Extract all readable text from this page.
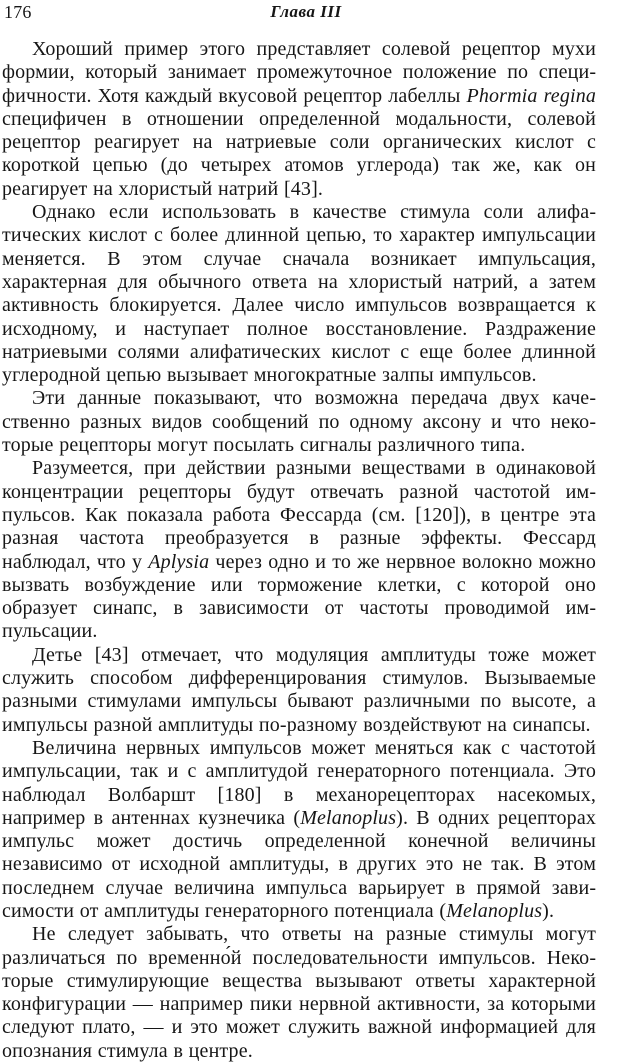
176	Глава III

Хороший пример этого представляет солевой рецептор мухи формии, который занимает промежуточное положение по специфичности. Хотя каждый вкусовой рецептор лабеллы Phormia regina специфичен в отношении определенной модальности, солевой рецептор реагирует на натриевые соли органических кислот с короткой цепью (до четырех атомов углерода) так же, как он реагирует на хлористый натрий [43].

Однако если использовать в качестве стимула соли алифатических кислот с более длинной цепью, то характер импульсации меняется. В этом случае сначала возникает импульсация, характерная для обычного ответа на хлористый натрий, а затем активность блокируется. Далее число импульсов возвращается к исходному, и наступает полное восстановление. Раздражение натриевыми солями алифатических кислот с еще более длинной углеродной цепью вызывает многократные залпы импульсов.

Эти данные показывают, что возможна передача двух качественно разных видов сообщений по одному аксону и что некоторые рецепторы могут посылать сигналы различного типа.

Разумеется, при действии разными веществами в одинаковой концентрации рецепторы будут отвечать разной частотой импульсов. Как показала работа Фессарда (см. [120]), в центре эта разная частота преобразуется в разные эффекты. Фессард наблюдал, что у Aplysia через одно и то же нервное волокно можно вызвать возбуждение или торможение клетки, с которой оно образует синапс, в зависимости от частоты проводимой импульсации.

Детье [43] отмечает, что модуляция амплитуды тоже может служить способом дифференцирования стимулов. Вызываемые разными стимулами импульсы бывают различными по высоте, а импульсы разной амплитуды по-разному воздействуют на синапсы.

Величина нервных импульсов может меняться как с частотой импульсации, так и с амплитудой генераторного потенциала. Это наблюдал Волбаршт [180] в механорецепторах насекомых, например в антеннах кузнечика (Melanoplus). В одних рецепторах импульс может достичь определенной конечной величины независимо от исходной амплитуды, в других это не так. В этом последнем случае величина импульса варьирует в прямой зависимости от амплитуды генераторного потенциала (Melanoplus).

Не следует забывать, что ответы на разные стимулы могут различаться по временно́й последовательности импульсов. Некоторые стимулирующие вещества вызывают ответы характерной конфигурации — например пики нервной активности, за которыми следуют плато, — и это может служить важной информацией для опознания стимула в центре.
